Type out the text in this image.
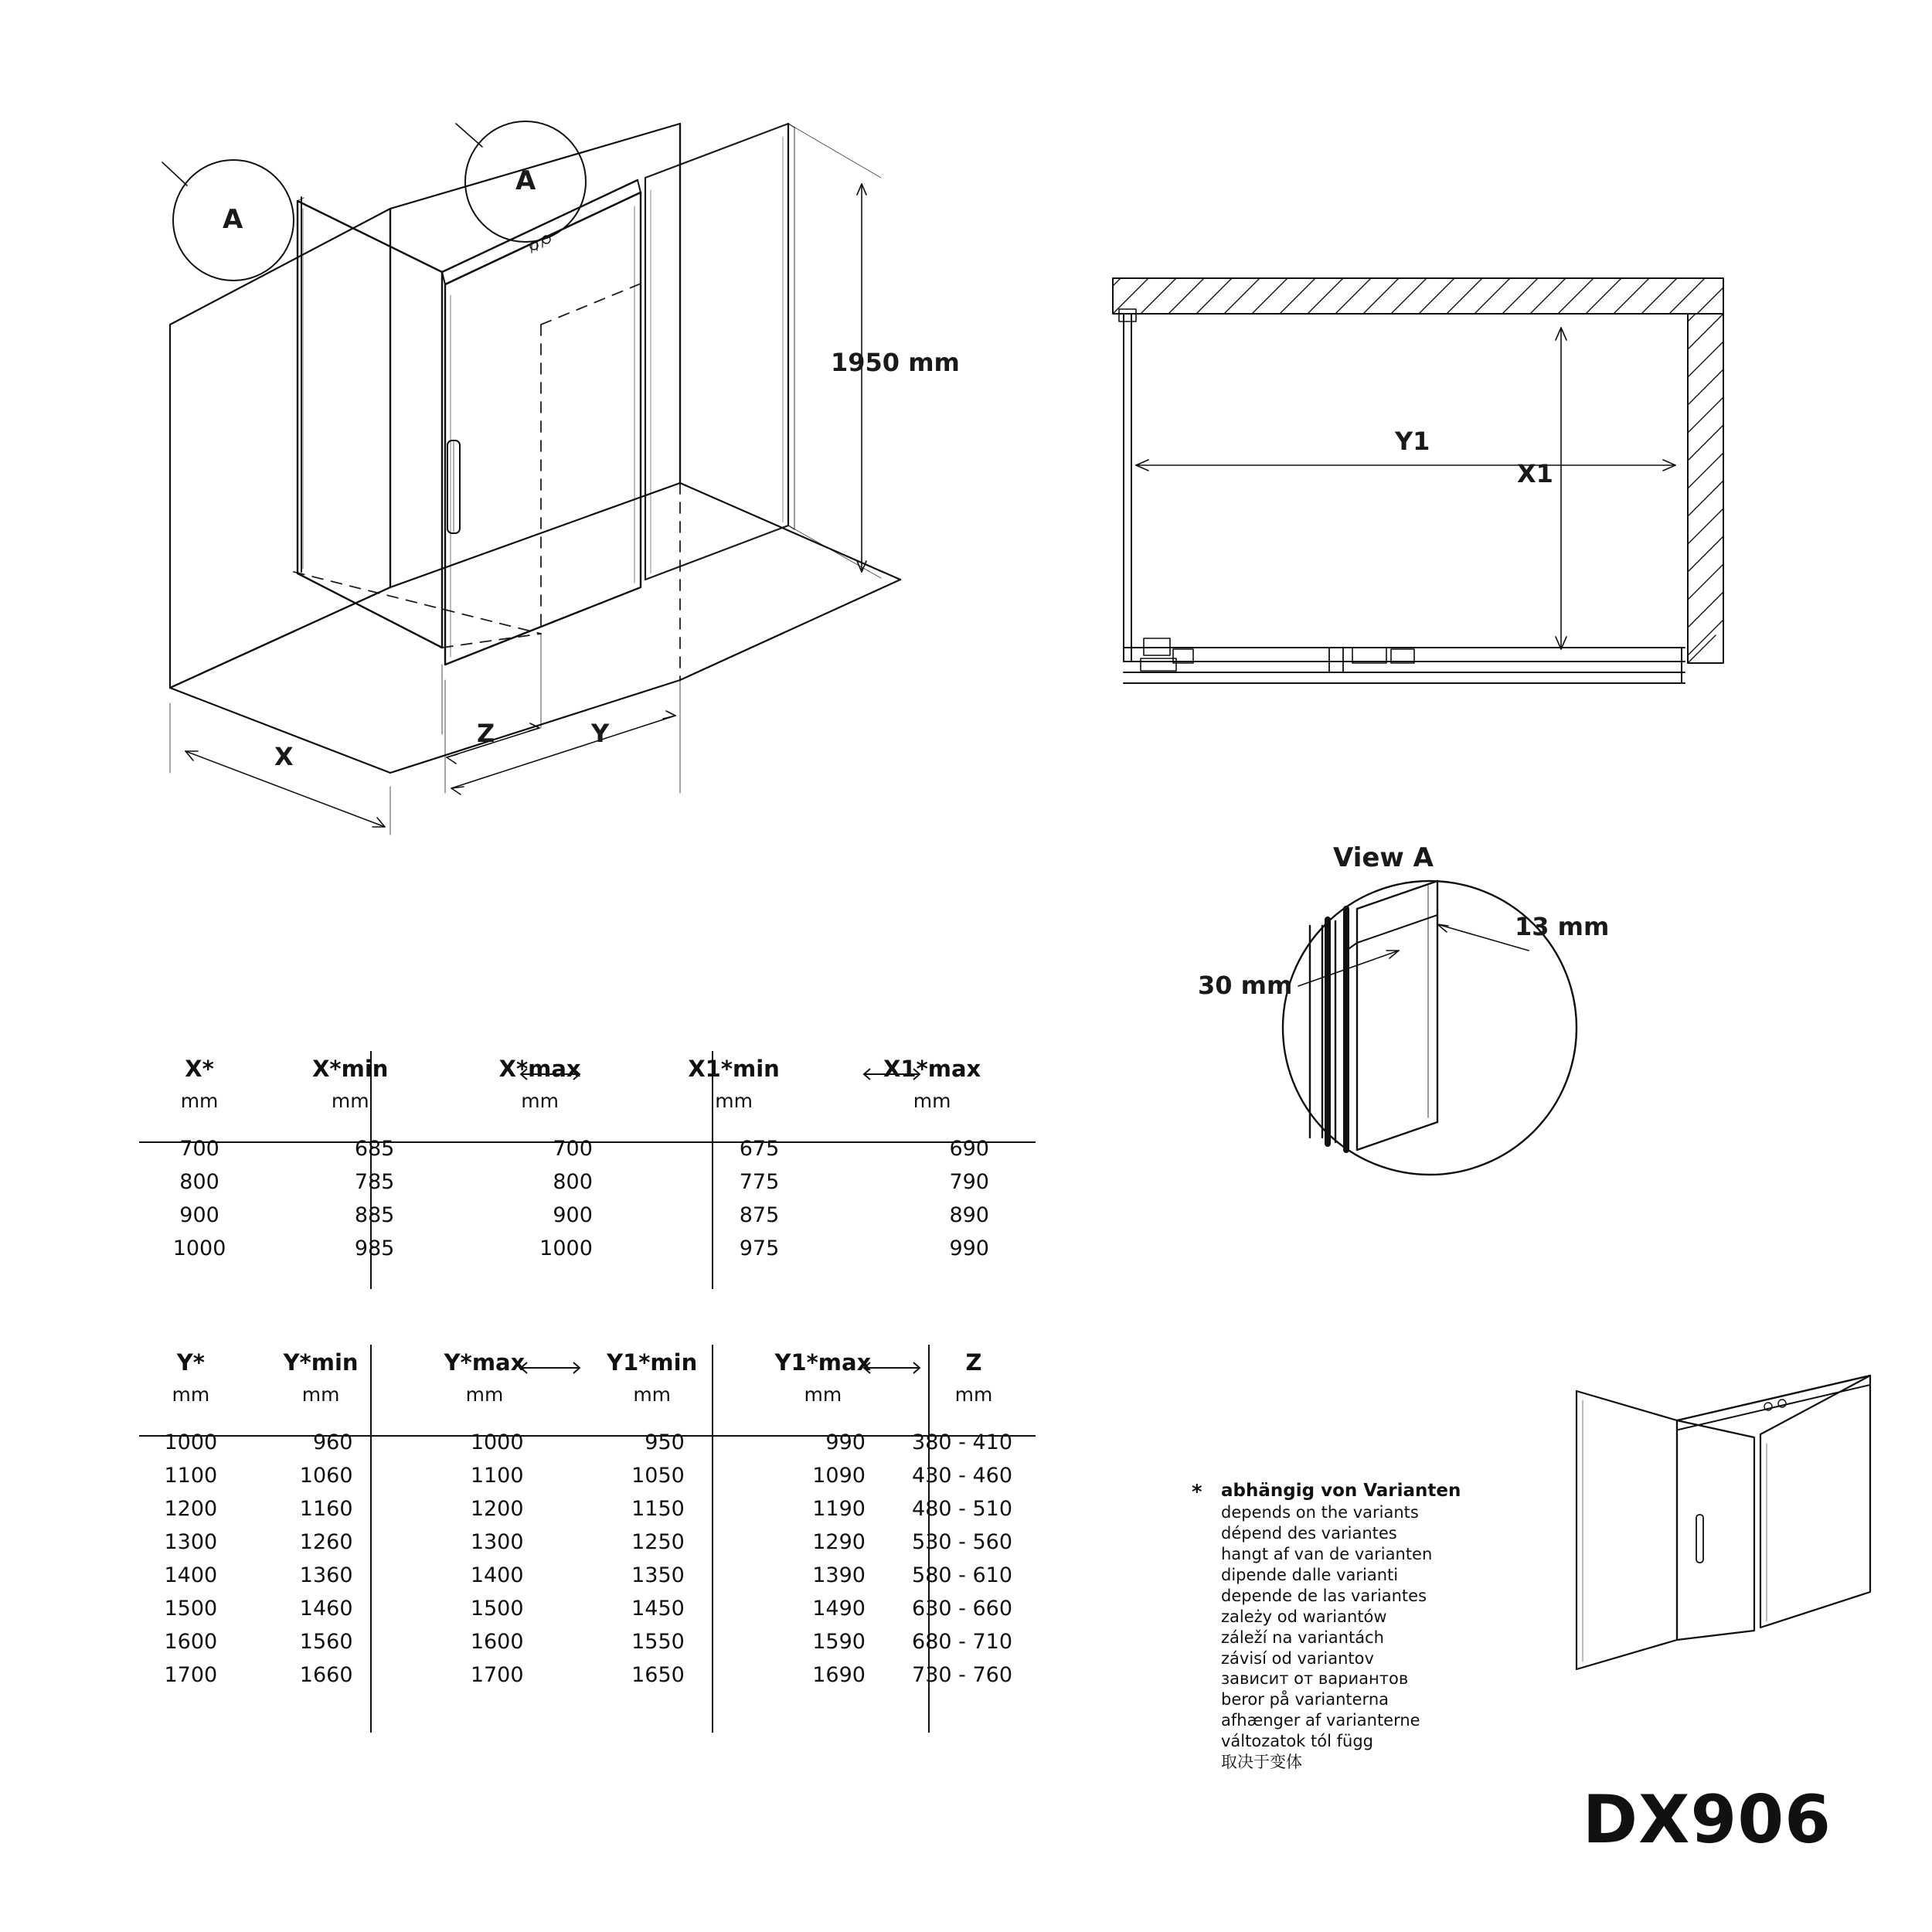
A
A
1950 mm
X
Z	Y
X1
Y1
View A
30 mm
13 mm
X*	X*min	X*max	X1*min	X1*max
mm	mm	mm	mm	mm
700	685	700	675	690
800	785	800	775	790
900	885	900	875	890
1000	985	1000	975	990
Y*	Y*min	Y*max	Y1*min	Y1*max	Z
mm	mm	mm	mm	mm	mm
1000	960	1000	950	990	380 - 410
1100	1060	1100	1050	1090	430 - 460
1200	1160	1200	1150	1190	480 - 510
1300	1260	1300	1250	1290	530 - 560
1400	1360	1400	1350	1390	580 - 610
1500	1460	1500	1450	1490	630 - 660
1600	1560	1600	1550	1590	680 - 710
1700	1660	1700	1650	1690	730 - 760
* abhängig von Varianten
depends on the variants
dépend des variantes
hangt af van de varianten
dipende dalle varianti
depende de las variantes
zależy od wariantów
záleží na variantách
závisí od variantov
зависит от вариантов
beror på varianterna
afhænger af varianterne
változatok tól függ
取决于变体
DX906
